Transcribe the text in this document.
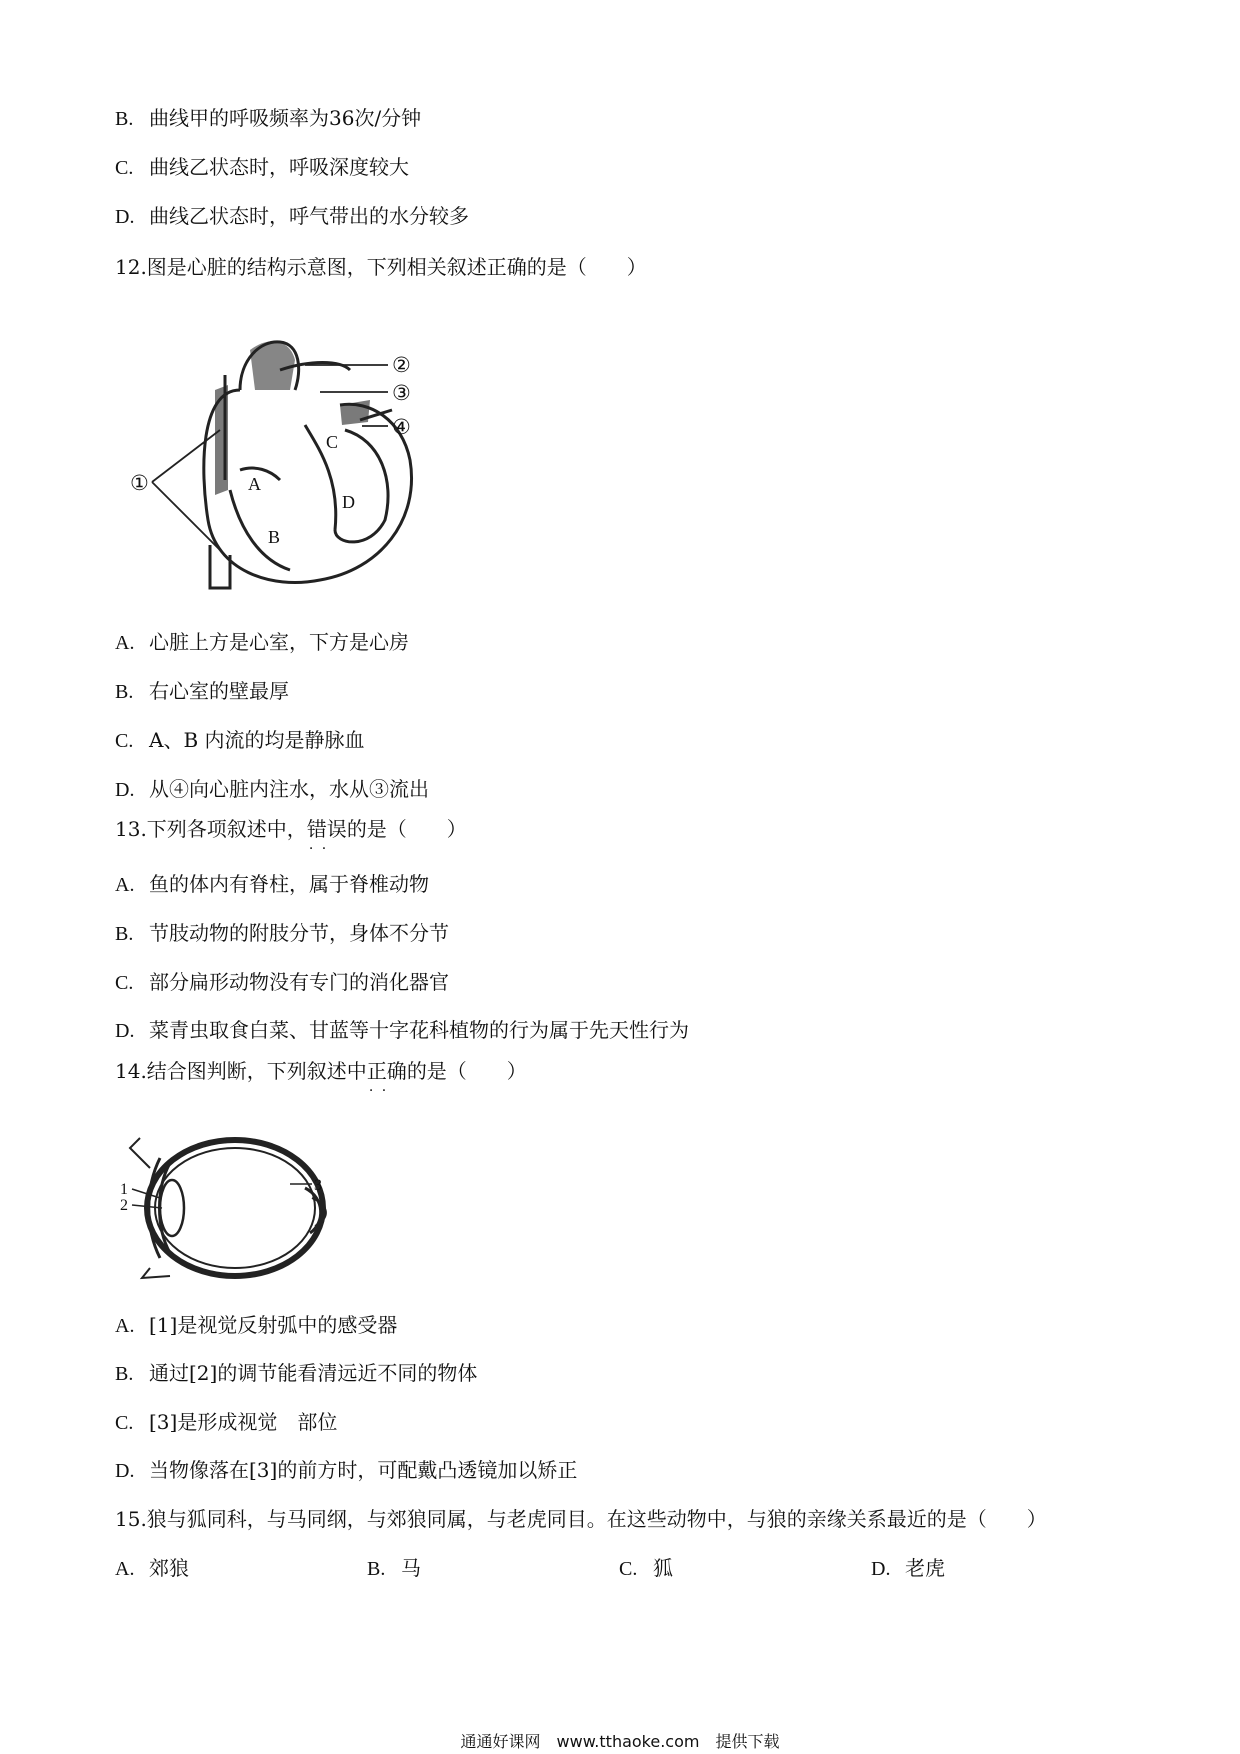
B. 曲线甲的呼吸频率为36次/分钟
C. 曲线乙状态时，呼吸深度较大
D. 曲线乙状态时，呼气带出的水分较多
12.图是心脏的结构示意图，下列相关叙述正确的是（　　）
A
B
C
D
②
③
④
①
A. 心脏上方是心室，下方是心房
B. 右心室的壁最厚
C. A、B 内流的均是静脉血
D. 从④向心脏内注水，水从③流出
13.下列各项叙述中，错误 · ·的是（　　）
A. 鱼的体内有脊柱，属于脊椎动物
B. 节肢动物的附肢分节，身体不分节
C. 部分扁形动物没有专门的消化器官
D. 菜青虫取食白菜、甘蓝等十字花科植物的行为属于先天性行为
14.结合图判断，下列叙述中正确 · ·的是（　　）
1
2
3
A. [1]是视觉反射弧中的感受器
B. 通过[2]的调节能看清远近不同的物体
C. [3]是形成视觉　部位
D. 当物像落在[3]的前方时，可配戴凸透镜加以矫正
15.狼与狐同科，与马同纲，与郊狼同属，与老虎同目。在这些动物中，与狼的亲缘关系最近的是（　　）
A. 郊狼	B. 马	C. 狐	D. 老虎
通通好课网　www.tthaoke.com　提供下载
